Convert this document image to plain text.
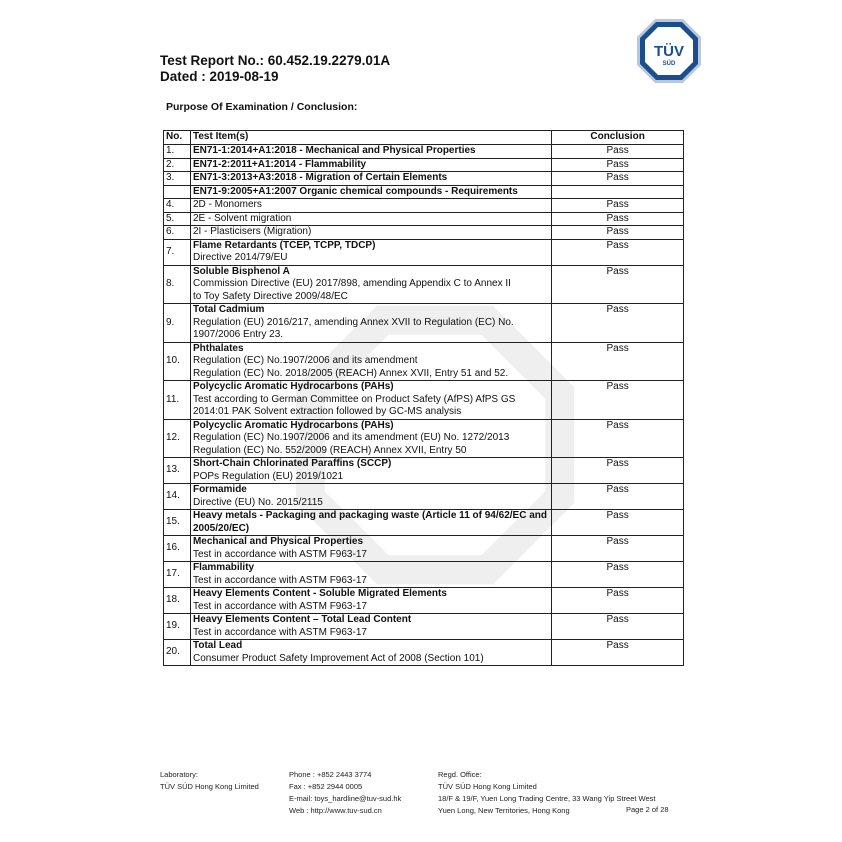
Test Report No.: 60.452.19.2279.01A
Dated : 2019-08-19
TÜV
SÜD
Purpose Of Examination / Conclusion:
No.	Test Item(s)	Conclusion
1.	EN71-1:2014+A1:2018 - Mechanical and Physical Properties	Pass
2.	EN71-2:2011+A1:2014 - Flammability	Pass
3.	EN71-3:2013+A3:2018 - Migration of Certain Elements	Pass

	EN71-9:2005+A1:2007 Organic chemical compounds - Requirements	

4.	2D - Monomers	Pass
5.	2E - Solvent migration	Pass
6.	2I - Plasticisers (Migration)	Pass
7.	Flame Retardants (TCEP, TCPP, TDCP)
Directive 2014/79/EU	Pass
8.	Soluble Bisphenol A
Commission Directive (EU) 2017/898, amending Appendix C to Annex II
to Toy Safety Directive 2009/48/EC	Pass
9.	Total Cadmium
Regulation (EU) 2016/217, amending Annex XVII to Regulation (EC) No.
1907/2006 Entry 23.	Pass
10.	Phthalates
Regulation (EC) No.1907/2006 and its amendment
Regulation (EC) No. 2018/2005 (REACH) Annex XVII, Entry 51 and 52.	Pass
11.	Polycyclic Aromatic Hydrocarbons (PAHs)
Test according to German Committee on Product Safety (AfPS) AfPS GS
2014:01 PAK Solvent extraction followed by GC-MS analysis	Pass
12.	Polycyclic Aromatic Hydrocarbons (PAHs)
Regulation (EC) No.1907/2006 and its amendment (EU) No. 1272/2013
Regulation (EC) No. 552/2009 (REACH) Annex XVII, Entry 50	Pass
13.	Short-Chain Chlorinated Paraffins (SCCP)
POPs Regulation (EU) 2019/1021	Pass
14.	Formamide
Directive (EU) No. 2015/2115	Pass
15.	Heavy metals - Packaging and packaging waste (Article 11 of 94/62/EC and 2005/20/EC)	Pass
16.	Mechanical and Physical Properties
Test in accordance with ASTM F963-17	Pass
17.	Flammability
Test in accordance with ASTM F963-17	Pass
18.	Heavy Elements Content - Soluble Migrated Elements
Test in accordance with ASTM F963-17	Pass
19.	Heavy Elements Content – Total Lead Content
Test in accordance with ASTM F963-17	Pass
20.	Total Lead
Consumer Product Safety Improvement Act of 2008 (Section 101)	Pass
Laboratory:
TÜV SÜD Hong Kong Limited
Phone : +852 2443 3774
Fax : +852 2944 0005
E-mail: toys_hardline@tuv-sud.hk
Web : http://www.tuv-sud.cn
Regd. Office:
TÜV SÜD Hong Kong Limited
18/F & 19/F, Yuen Long Trading Centre, 33 Wang Yip Street West
Yuen Long, New Territories, Hong Kong	Page 2 of 28
